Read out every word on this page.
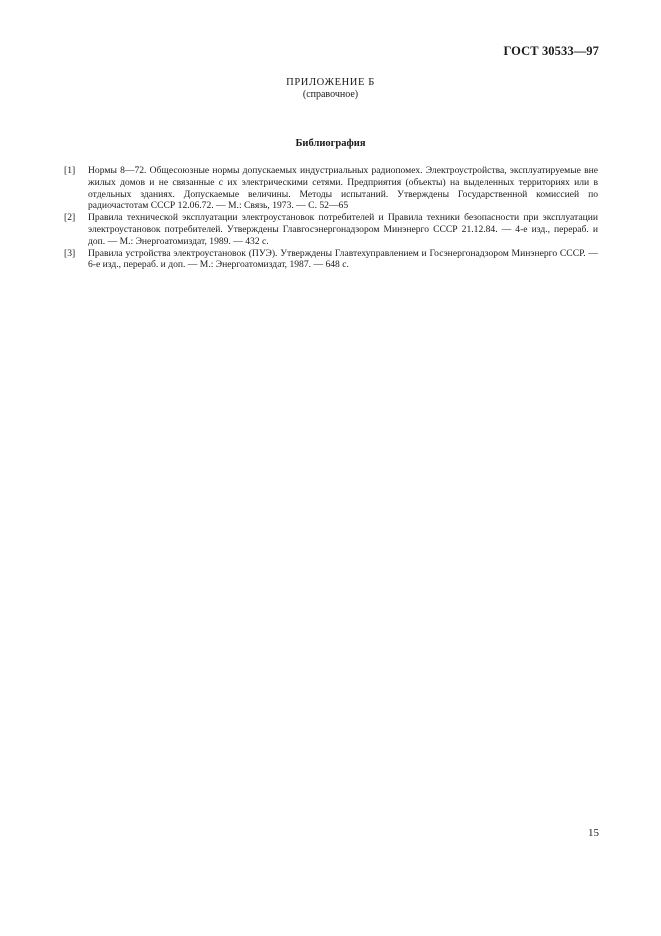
ГОСТ 30533—97
ПРИЛОЖЕНИЕ Б
(справочное)
Библиография
[1]	Нормы 8—72. Общесоюзные нормы допускаемых индустриальных радиопомех. Электроустройства, эксплуатируемые вне жилых домов и не связанные с их электрическими сетями. Предприятия (объекты) на выделенных территориях или в отдельных зданиях. Допускаемые величины. Методы испытаний. Утверждены Государственной комиссией по радиочастотам СССР 12.06.72. — М.: Связь, 1973. — С. 52—65
[2]	Правила технической эксплуатации электроустановок потребителей и Правила техники безопасности при эксплуатации электроустановок потребителей. Утверждены Главгосэнергонадзором Минэнерго СССР 21.12.84. — 4-е изд., перераб. и доп. — М.: Энергоатомиздат, 1989. — 432 с.
[3]	Правила устройства электроустановок (ПУЭ). Утверждены Главтехуправлением и Госэнергонадзором Минэнерго СССР. — 6-е изд., перераб. и доп. — М.: Энергоатомиздат, 1987. — 648 с.
15
